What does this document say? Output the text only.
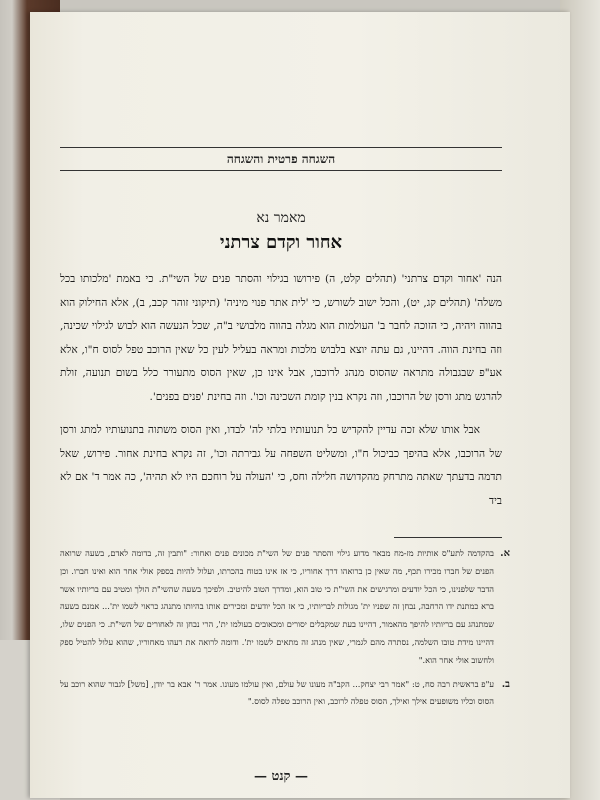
השגחה פרטית והשגחה
מאמר נא
אחור וקדם צרתני

הנה 'אחור וקדם צרתני' (תהלים קלט, ה) פירושו בגילוי והסתר פנים של השי"ת. כי באמת 'מלכותו בכל משלה' (תהלים קג, יט), והכל ישוב לשורש, כי 'לית אתר פנוי מיניה' (תיקוני זוהר קכב, ב), אלא החילוק הוא בהווה ויהיה, כי הזוכה לחבר ב' העולמות הוא מגלה בהווה מלבושי ב"ה, שכל הנעשה הוא לבוש לגילוי שכינה, וזה בחינת הווה. דהיינו, גם עתה יוצא בלבוש מלכות ומראה בעליל לעין כל שאין הרוכב טפל לסוס ח"ו, אלא אע"פ שבגבולה מתראה שהסוס מנהג לרוכבו, אבל אינו כן, שאין הסוס מתעורר כלל בשום תנועה, זולת להרגש מתג ורסן של הרוכבו, וזה נקרא בנין קומת השכינה וכו'. וזה בחינת 'פנים בפנים'.

אבל אותו שלא זכה עדיין להקדיש כל תנועותיו בלתי לה' לבדו, ואין הסוס משתוה בתנועותיו למתג ורסן של הרוכבו, אלא בהיפך כביכול ח"ו, ומשליט השפחה על גבירתה וכו', זה נקרא בחינת אחור. פירוש, שאל תדמה בדעתך שאתה מתרחק מהקדושה חלילה וחס, כי 'העולה על רוחכם היו לא תהיה', כה אמר ד' אם לא ביד

א.
בהקדמה לתע"ס אותיות מז-מח מבאר מדוע גילוי והסתר פנים של השי"ת מכונים פנים ואחור: "ותבין זה, בדומה לאדם, בשעה שרואה הפנים של חברו מכירו תכף, מה שאין כן ברואהו דרך אחוריו, כי אז אינו בטוח בהכרתו, ועלול להיות בספק אולי אחר הוא ואינו חברו. וכן הדבר שלפנינו, כי הכל יודעים ומרגישים את השי"ת כי טוב הוא, ומדרך הטוב להיטיב. ולפיכך בשעה שהשי"ת הולך ומטיב עם בריותיו אשר ברא כמתנת ידו הרחבה, נבחן זה שפניו ית' מגולות לבריותיו, כי אז הכל יודעים ומכירים אותו בהיותו מתנהג כראוי לשמו ית'... אמנם בשעה שמתנהג עם בריותיו להיפך מהאמור, דהיינו בעת שמקבלים יסורים ומכאובים בעולמו ית', הרי נבחן זה לאחורים של השי"ת. כי הפנים שלו, דהיינו מידת טובו השלמה, נסתרה מהם לגמרי, שאין מנהג זה מתאים לשמו ית'. ודומה לרואה את רעהו מאחוריו, שהוא עלול להטיל ספק ולחשוב אולי אחר הוא."
ב.
ע"פ בראשית רבה סח, ט: "אמר רבי יצחק... הקב"ה מעונו של עולם, ואין עולמו מעונו. אמר ר' אבא בר יודן, [משל] לגבור שהוא רוכב על הסוס וכליו משופעים אילך ואילך, הסוס טפלה לרוכב, ואין הרוכב טפלה לסוס."
— קנט —
